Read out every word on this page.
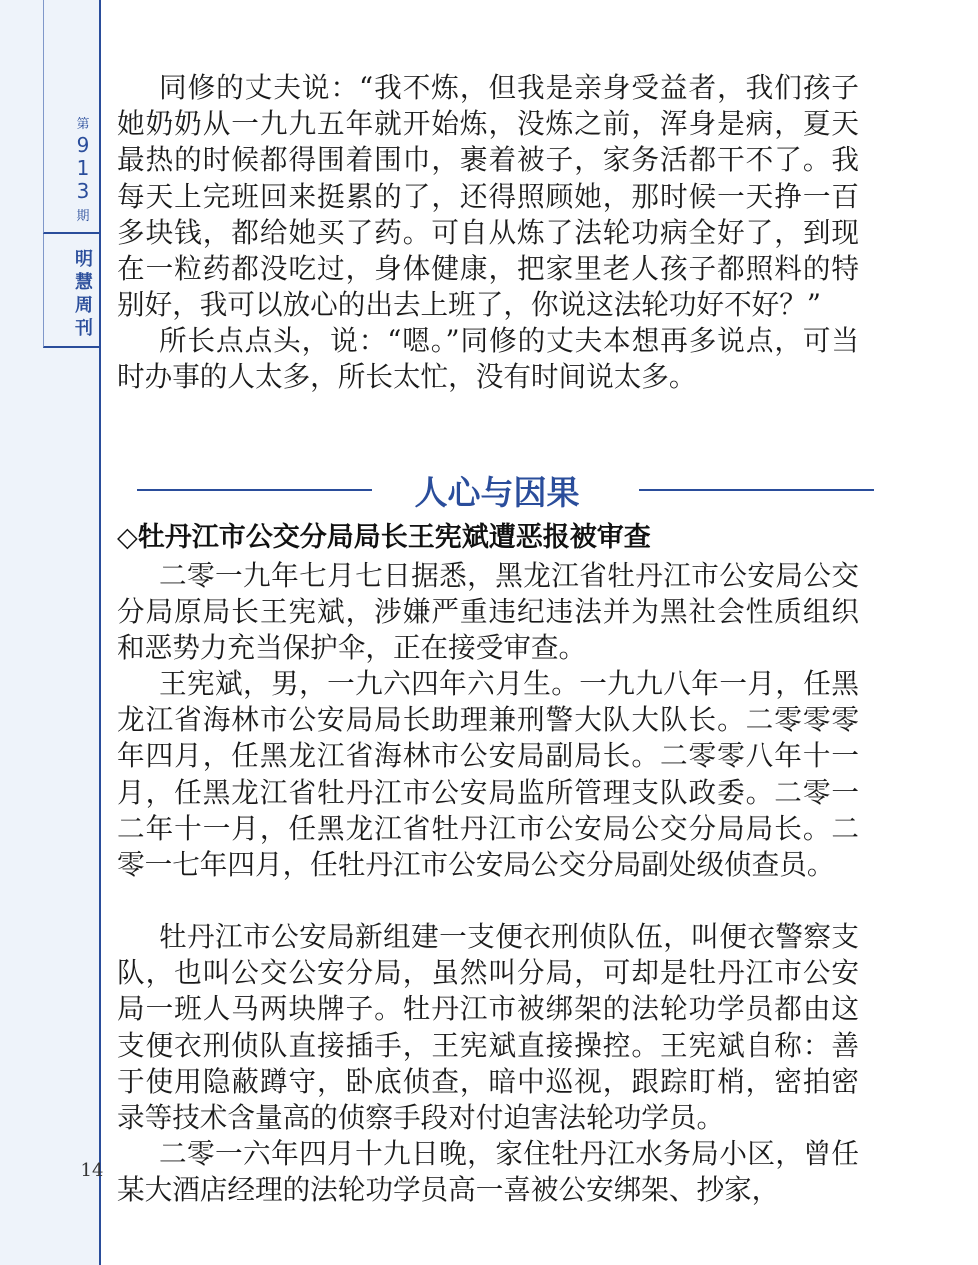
第
9
1
3
期
明
慧
周
刊
14

同修的丈夫说：“我不炼，但我是亲身受益者，我们孩子她奶奶从一九九五年就开始炼，没炼之前，浑身是病，夏天最热的时候都得围着围巾，裹着被子，家务活都干不了。我每天上完班回来挺累的了，还得照顾她，那时候一天挣一百多块钱，都给她买了药。可自从炼了法轮功病全好了，到现在一粒药都没吃过，身体健康，把家里老人孩子都照料的特别好，我可以放心的出去上班了，你说这法轮功好不好？”

所长点点头，说：“嗯。”同修的丈夫本想再多说点，可当时办事的人太多，所长太忙，没有时间说太多。

人心与因果
◇牡丹江市公交分局局长王宪斌遭恶报被审查

二零一九年七月七日据悉，黑龙江省牡丹江市公安局公交分局原局长王宪斌，涉嫌严重违纪违法并为黑社会性质组织和恶势力充当保护伞，正在接受审查。

王宪斌，男，一九六四年六月生。一九九八年一月，任黑龙江省海林市公安局局长助理兼刑警大队大队长。二零零零年四月，任黑龙江省海林市公安局副局长。二零零八年十一月，任黑龙江省牡丹江市公安局监所管理支队政委。二零一二年十一月，任黑龙江省牡丹江市公安局公交分局局长。二零一七年四月，任牡丹江市公安局公交分局副处级侦查员。

牡丹江市公安局新组建一支便衣刑侦队伍，叫便衣警察支队，也叫公交公安分局，虽然叫分局，可却是牡丹江市公安局一班人马两块牌子。牡丹江市被绑架的法轮功学员都由这支便衣刑侦队直接插手，王宪斌直接操控。王宪斌自称：善于使用隐蔽蹲守，卧底侦查，暗中巡视，跟踪盯梢，密拍密录等技术含量高的侦察手段对付迫害法轮功学员。

二零一六年四月十九日晚，家住牡丹江水务局小区，曾任某大酒店经理的法轮功学员高一喜被公安绑架、抄家，
